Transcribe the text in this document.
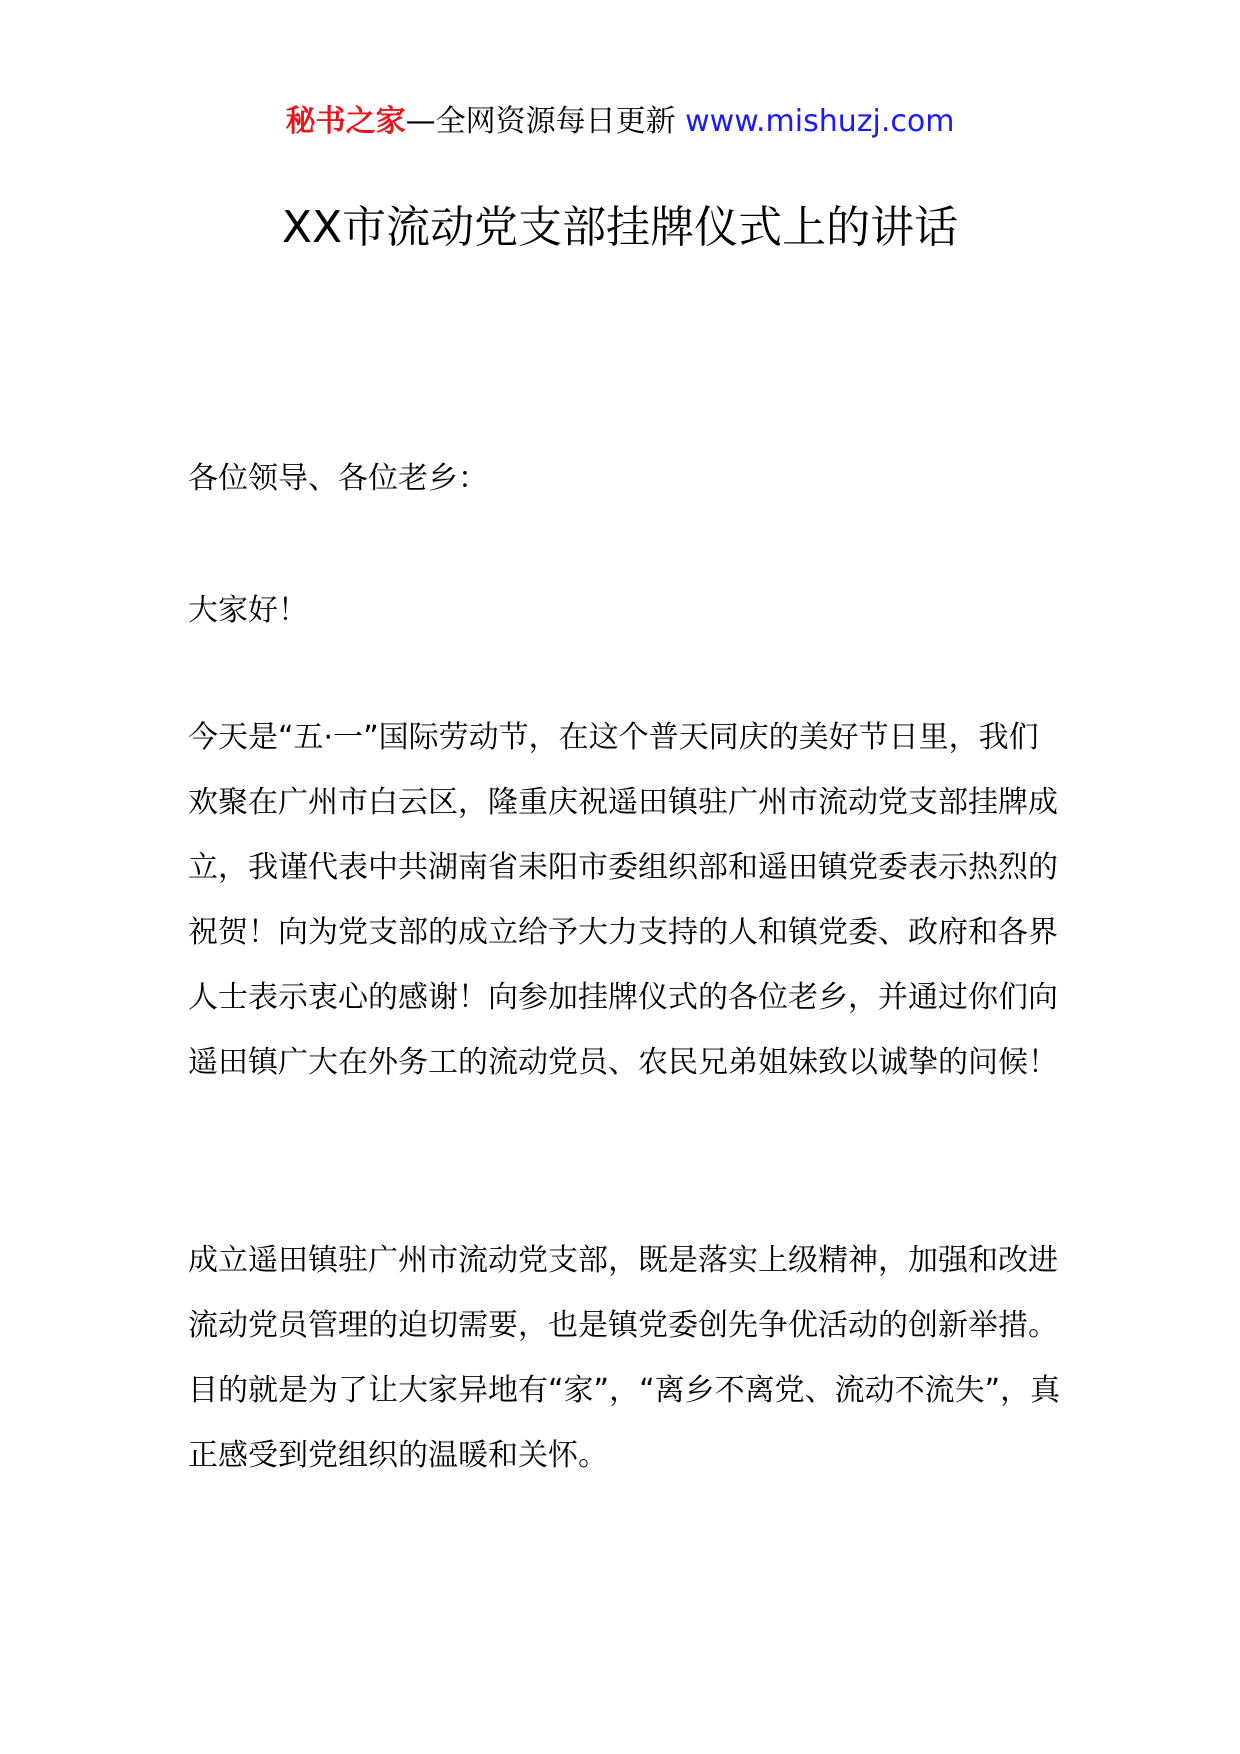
秘书之家—全网资源每日更新 www.mishuzj.com
XX市流动党支部挂牌仪式上的讲话

各位领导、各位老乡：

大家好！

今天是“五·一”国际劳动节，在这个普天同庆的美好节日里，我们欢聚在广州市白云区，隆重庆祝遥田镇驻广州市流动党支部挂牌成立，我谨代表中共湖南省耒阳市委组织部和遥田镇党委表示热烈的祝贺！向为党支部的成立给予大力支持的人和镇党委、政府和各界人士表示衷心的感谢！向参加挂牌仪式的各位老乡，并通过你们向遥田镇广大在外务工的流动党员、农民兄弟姐妹致以诚挚的问候！

成立遥田镇驻广州市流动党支部，既是落实上级精神，加强和改进流动党员管理的迫切需要，也是镇党委创先争优活动的创新举措。目的就是为了让大家异地有“家”，“离乡不离党、流动不流失”，真正感受到党组织的温暖和关怀。
